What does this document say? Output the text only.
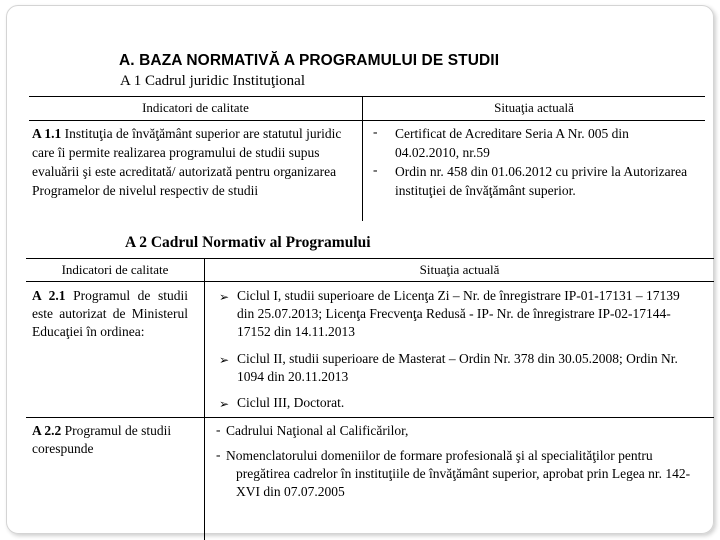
A. BAZA NORMATIVĂ A PROGRAMULUI DE STUDII
A 1 Cadrul juridic Instituţional
Indicatori de calitate	Situaţia actuală
A 1.1 Instituţia de învăţământ superior are statutul juridic care îi permite realizarea programului de studii supus evaluării şi este acreditată/ autorizată pentru organizarea Programelor de nivelul respectiv de studii
- Certificat de Acreditare Seria A Nr. 005 din 04.02.2010, nr.59
- Ordin nr. 458 din 01.06.2012 cu privire la Autorizarea instituţiei de învăţământ superior.
A 2 Cadrul Normativ al Programului
Indicatori de calitate	Situaţia actuală
A 2.1 Programul de studii este autorizat de Ministerul Educaţiei în ordinea:
➢ Ciclul I, studii superioare de Licenţa Zi – Nr. de înregistrare IP-01-17131 – 17139 din 25.07.2013; Licenţa Frecvenţa Redusă - IP- Nr. de înregistrare IP-02-17144-17152 din 14.11.2013
➢ Ciclul II, studii superioare de Masterat – Ordin Nr. 378 din 30.05.2008; Ordin Nr. 1094 din 20.11.2013
➢ Ciclul III, Doctorat.
A 2.2 Programul de studii corespunde
- Cadrului Naţional al Calificărilor,
- Nomenclatorului domeniilor de formare profesională şi al specialităţilor pentru pregătirea cadrelor în instituţiile de învăţământ superior, aprobat prin Legea nr. 142-XVI din 07.07.2005
